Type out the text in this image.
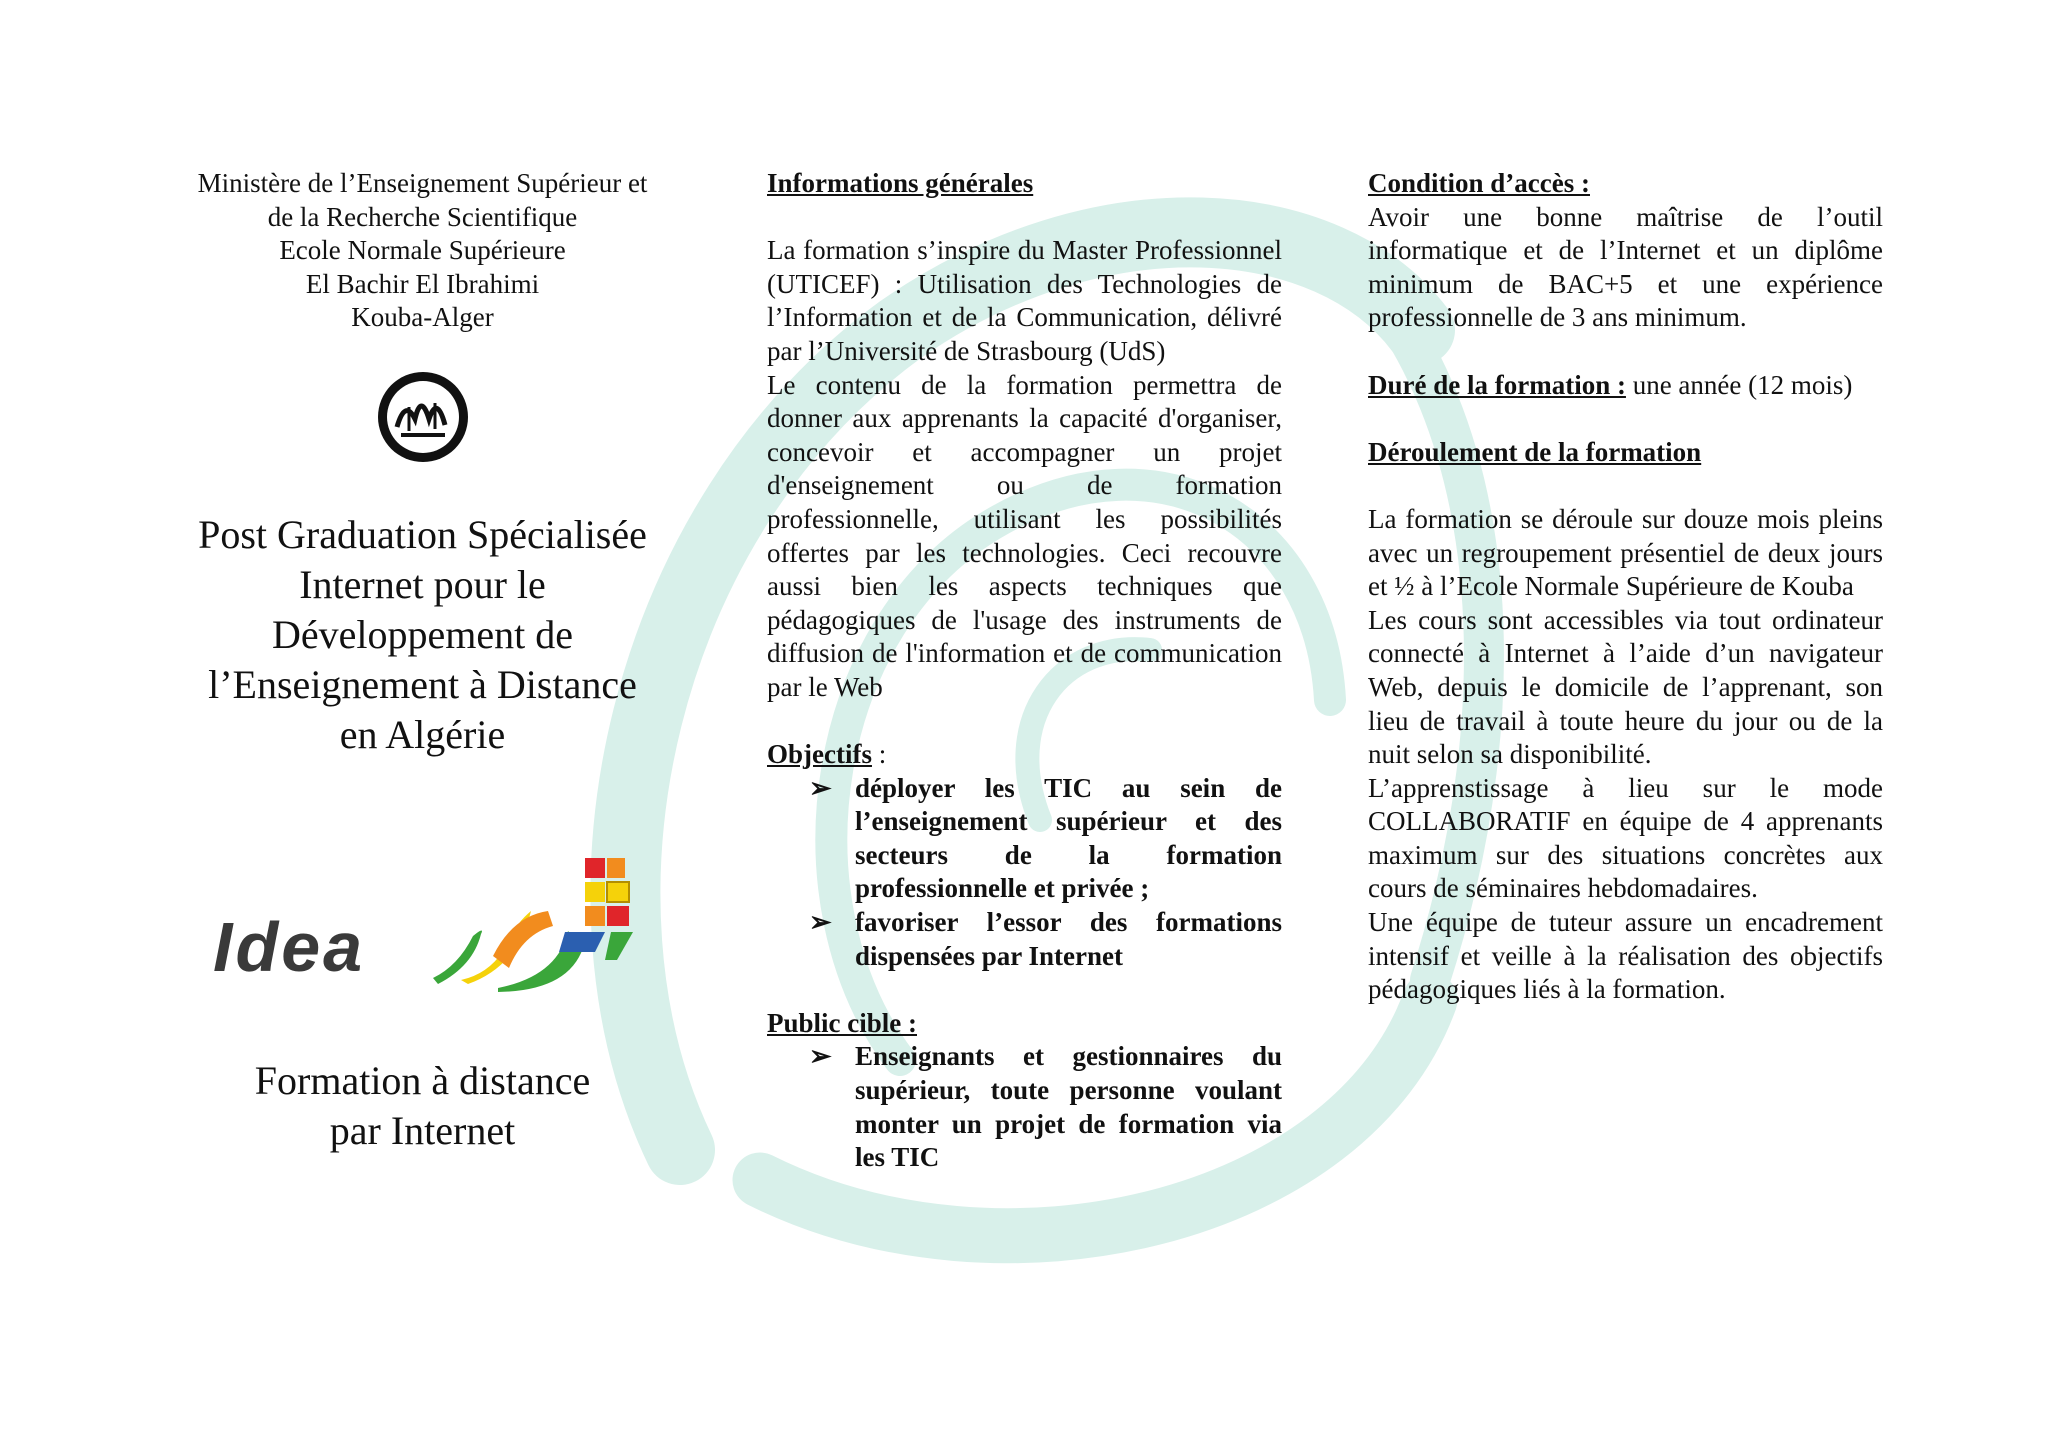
Ministère de l’Enseignement Supérieur et

de la Recherche Scientifique

Ecole Normale Supérieure

El Bachir El Ibrahimi

Kouba-Alger

Post Graduation Spécialisée

Internet pour le

Développement de

l’Enseignement à Distance

en Algérie

Idea

Formation à distance

par Internet

Informations générales

La formation s’inspire du Master Professionnel (UTICEF) : Utilisation des Technologies de l’Information et de la Communication, délivré par l’Université de Strasbourg (UdS)

Le contenu de la formation permettra de donner aux apprenants la capacité d'organiser, concevoir et accompagner un projet d'enseignement ou de formation professionnelle, utilisant les possibilités offertes par les technologies. Ceci recouvre aussi bien les aspects techniques que pédagogiques de l'usage des instruments de diffusion de l'information et de communication par le Web

Objectifs :

➢ déployer les TIC au sein de l’enseignement supérieur et des secteurs de la formation professionnelle et privée ;
➢ favoriser l’essor des formations dispensées par Internet

Public cible :

➢ Enseignants et gestionnaires du supérieur, toute personne voulant monter un projet de formation via les TIC

Condition d’accès :

Avoir une bonne maîtrise de l’outil informatique et de l’Internet et un diplôme minimum de BAC+5 et une expérience professionnelle de 3 ans minimum.

Duré de la formation : une année (12 mois)

Déroulement de la formation

La formation se déroule sur douze mois pleins avec un regroupement présentiel de deux jours et ½ à l’Ecole Normale Supérieure de Kouba

Les cours sont accessibles via tout ordinateur connecté à Internet à l’aide d’un navigateur Web, depuis le domicile de l’apprenant, son lieu de travail à toute heure du jour ou de la nuit selon sa disponibilité.

L’apprenstissage à lieu sur le mode COLLABORATIF en équipe de 4 apprenants maximum sur des situations concrètes aux cours de séminaires hebdomadaires.

Une équipe de tuteur assure un encadrement intensif et veille à la réalisation des objectifs pédagogiques liés à la formation.
